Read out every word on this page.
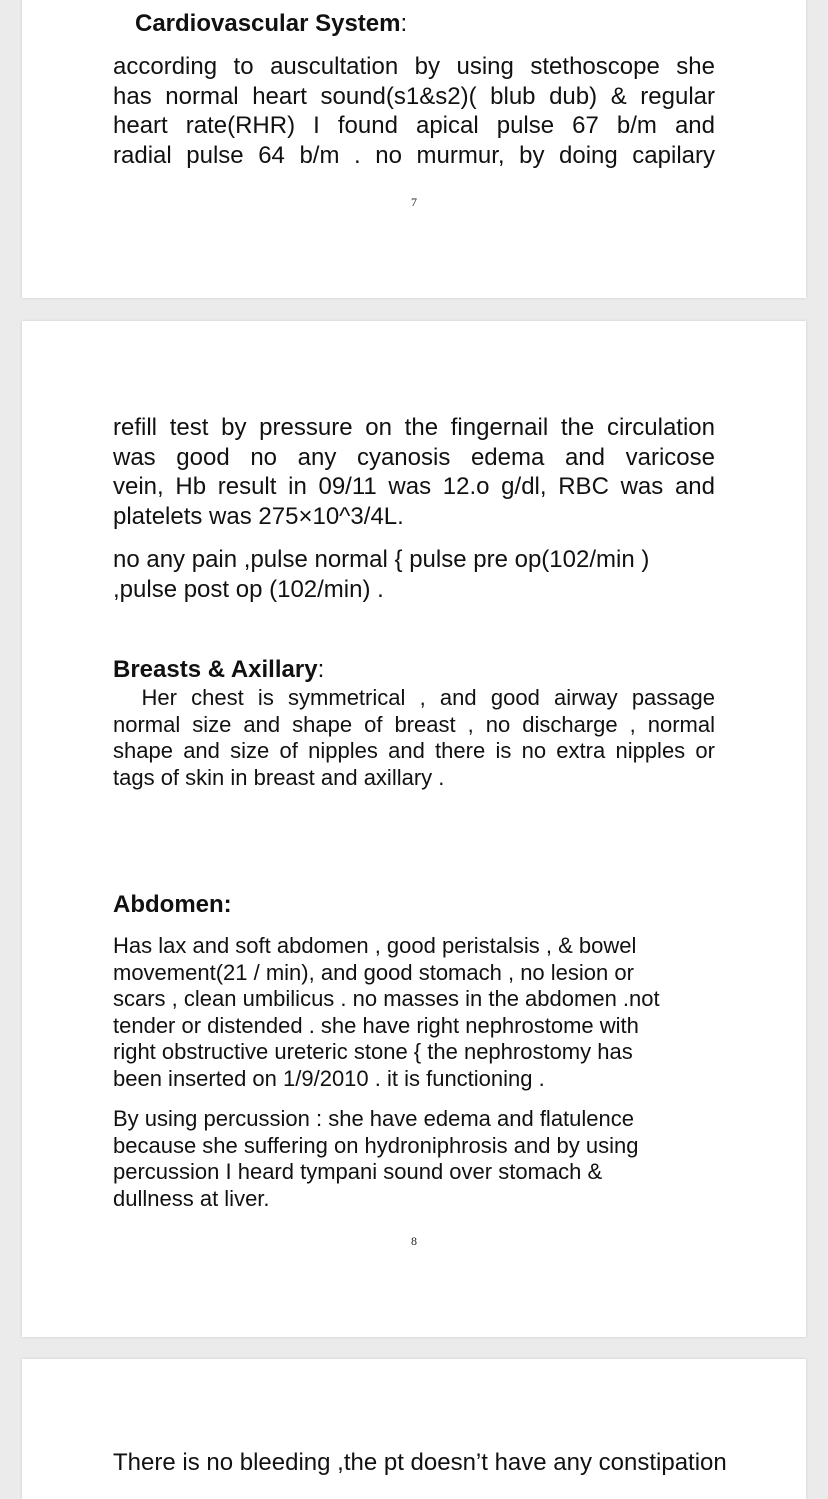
Cardiovascular System:
according to auscultation by using stethoscope she
has normal heart sound(s1&s2)( blub dub) & regular
heart rate(RHR) I found apical pulse 67 b/m and
radial pulse 64 b/m . no murmur, by doing capilary
7
refill test by pressure on the fingernail the circulation
was good no any cyanosis edema and varicose
vein, Hb result in 09/11 was 12.o g/dl, RBC was and
platelets was 275×10^3/4L.
no any pain ,pulse normal { pulse pre op(102/min )
,pulse post op (102/min) .
Breasts & Axillary:
Her chest is symmetrical , and good airway passage
normal size and shape of breast , no discharge , normal
shape and size of nipples and there is no extra nipples or
tags of skin in breast and axillary .
Abdomen:
Has lax and soft abdomen , good peristalsis , & bowel
movement(21 / min), and good stomach , no lesion or
scars , clean umbilicus . no masses in the abdomen .not
tender or distended . she have right nephrostome with
right obstructive ureteric stone { the nephrostomy has
been inserted on 1/9/2010 . it is functioning .
By using percussion : she have edema and flatulence
because she suffering on hydroniphrosis and by using
percussion I heard tympani sound over stomach &
dullness at liver.
8
There is no bleeding ,the pt doesn’t have any constipation
